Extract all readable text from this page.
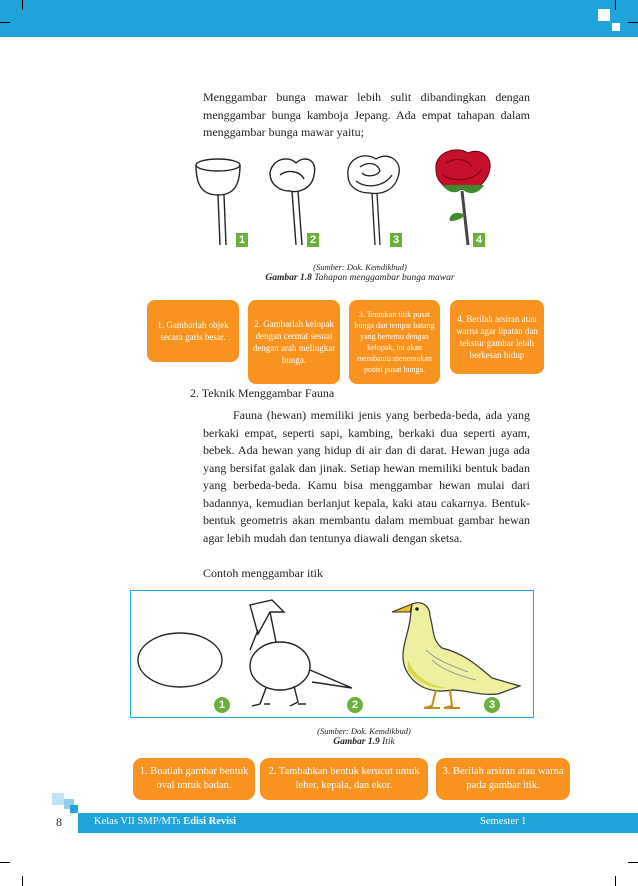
Menggambar bunga mawar lebih sulit dibandingkan dengan menggambar bunga kamboja Jepang. Ada empat tahapan dalam menggambar bunga mawar yaitu;
1	2	3	4
(Sumber: Dok. Kemdikbud)
Gambar 1.8 Tahapan menggambar bunga mawar
1. Gambarlah objek secara garis besar.
2. Gambarlah kelopak dengan cermat sesuai dengan arah melingkar bunga.
3. Tentukan titik pusat bunga dan tempat batang yang bertemu dengan kelopak, ini akan membantu menemukan posisi pusat bunga.
4. Berilah arsiran atau warna agar lipatan dan tekstur gambar lebih berkesan hidup
2. Teknik Menggambar Fauna
Fauna (hewan) memiliki jenis yang berbeda-beda, ada yang berkaki empat, seperti sapi, kambing, berkaki dua seperti ayam, bebek. Ada hewan yang hidup di air dan di darat. Hewan juga ada yang bersifat galak dan jinak. Setiap hewan memiliki bentuk badan yang berbeda-beda. Kamu bisa menggambar hewan mulai dari badannya, kemudian berlanjut kepala, kaki atau cakarnya. Bentuk-bentuk geometris akan membantu dalam membuat gambar hewan agar lebih mudah dan tentunya diawali dengan sketsa.
Contoh menggambar itik
1	2	3
(Sumber: Dok. Kemdikbud)
Gambar 1.9 Itik
1. Buatlah gambar bentuk oval untuk badan.
2. Tambahkan bentuk kerucut untuk leher, kepala, dan ekor.
3. Berilah arsiran atau warna pada gambar itik.
8	Kelas VII SMP/MTs Edisi Revisi	Semester 1
